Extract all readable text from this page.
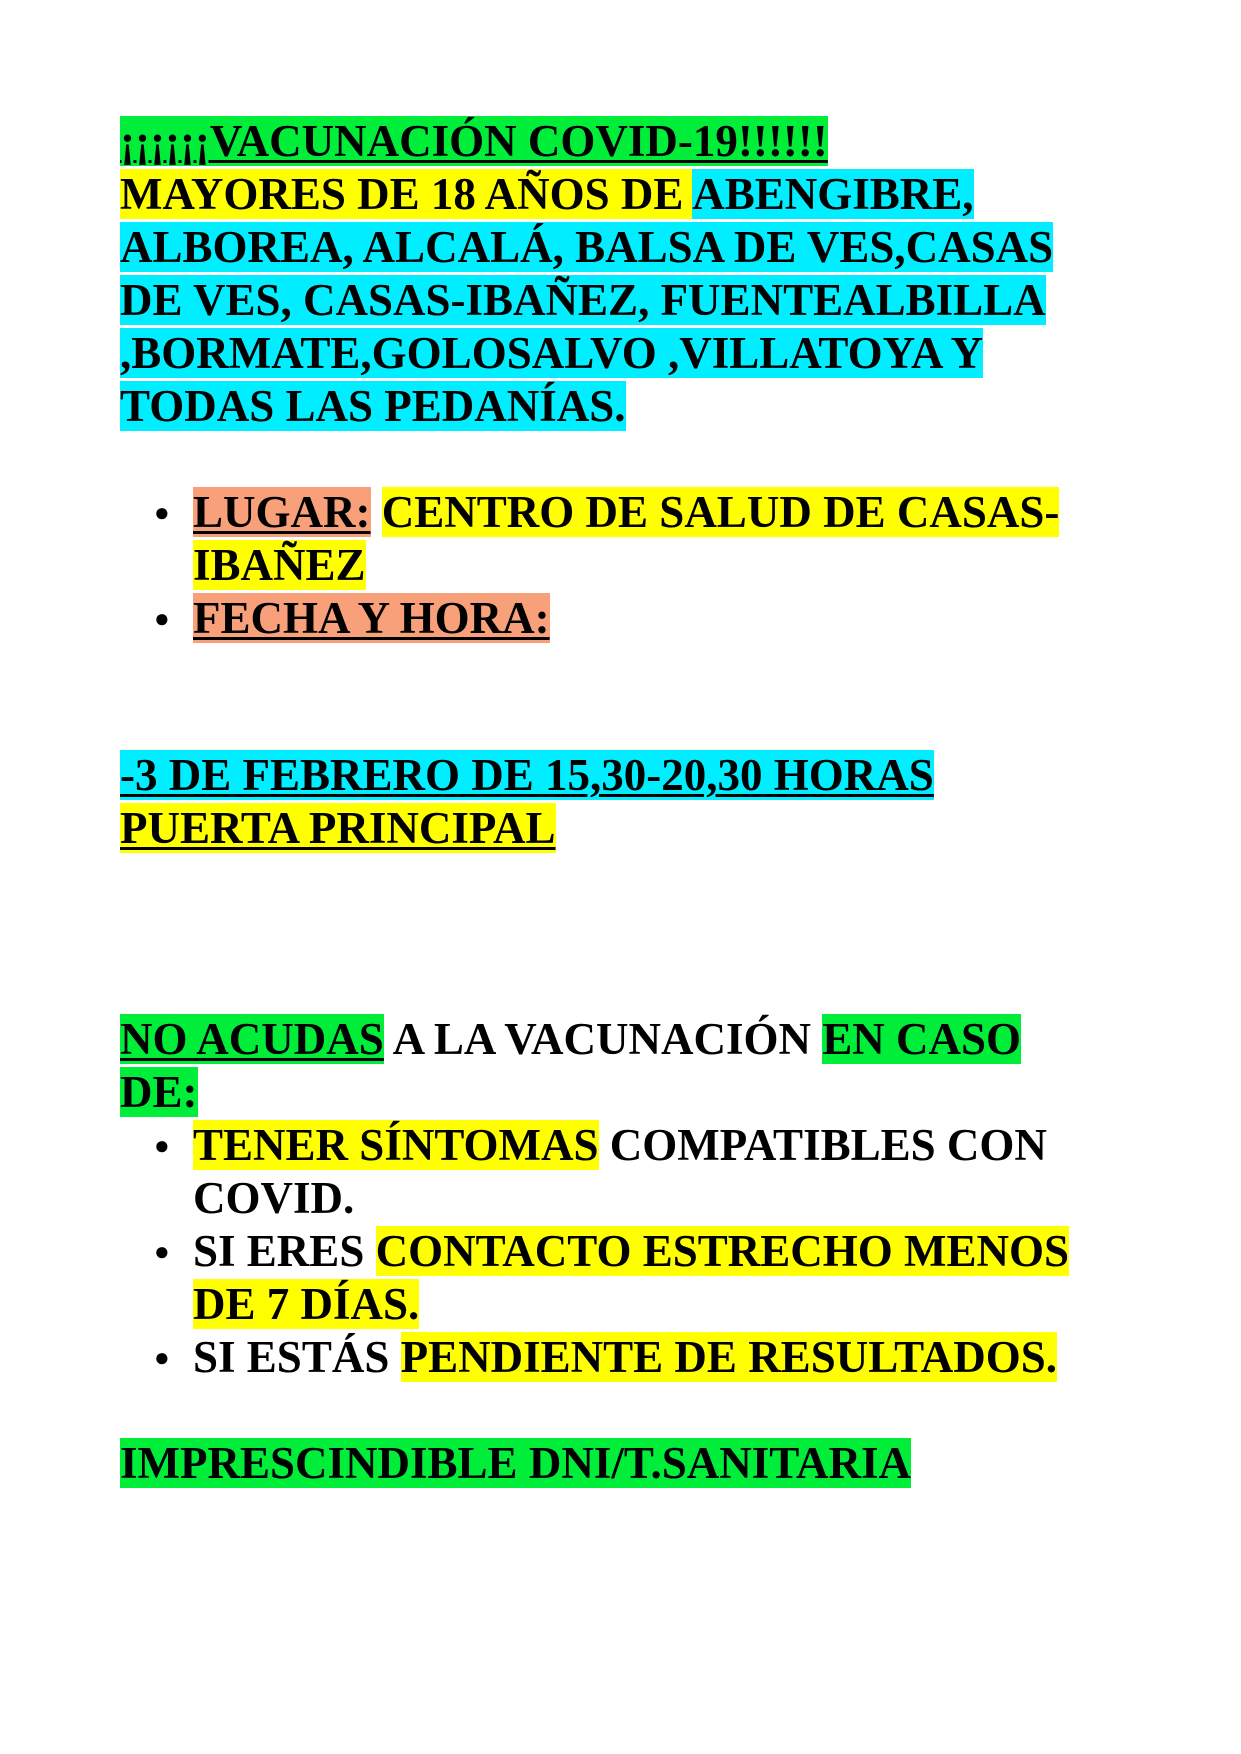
¡¡¡¡¡¡VACUNACIÓN COVID-19!!!!!!
MAYORES DE 18 AÑOS DE ABENGIBRE,
ALBOREA, ALCALÁ, BALSA DE VES,CASAS
DE VES, CASAS-IBAÑEZ, FUENTEALBILLA
,BORMATE,GOLOSALVO ,VILLATOYA Y
TODAS LAS PEDANÍAS.
● LUGAR: CENTRO DE SALUD DE CASAS-
IBAÑEZ
● FECHA Y HORA:
-3 DE FEBRERO DE 15,30-20,30 HORAS
PUERTA PRINCIPAL
NO ACUDAS A LA VACUNACIÓN EN CASO
DE:
● TENER SÍNTOMAS COMPATIBLES CON
COVID.
● SI ERES CONTACTO ESTRECHO MENOS
DE 7 DÍAS.
● SI ESTÁS PENDIENTE DE RESULTADOS.
IMPRESCINDIBLE DNI/T.SANITARIA
